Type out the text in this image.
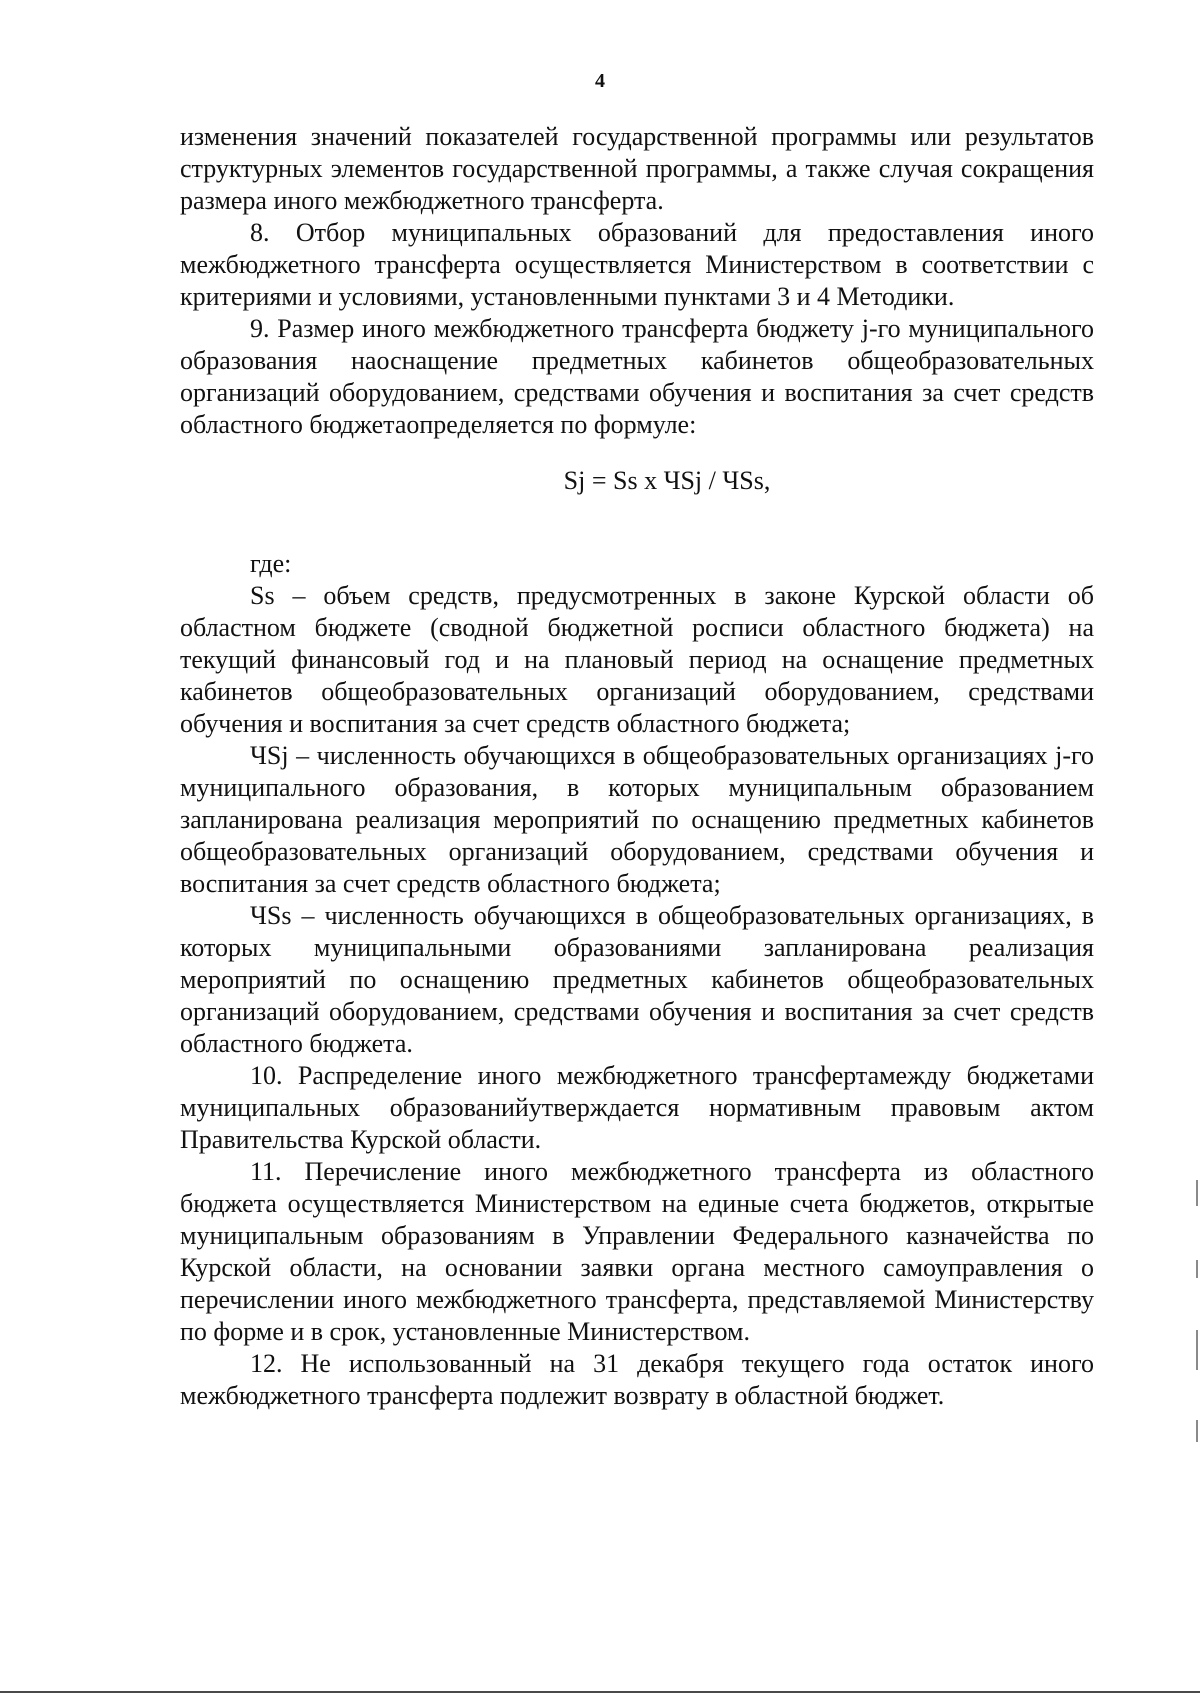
4

изменения значений показателей государственной программы или результатов структурных элементов государственной программы, а также случая сокращения размера иного межбюджетного трансферта.

8. Отбор муниципальных образований для предоставления иного межбюджетного трансферта осуществляется Министерством в соответствии с критериями и условиями, установленными пунктами 3 и 4 Методики.

9. Размер иного межбюджетного трансферта бюджету j-го муниципального образования наоснащение предметных кабинетов общеобразовательных организаций оборудованием, средствами обучения и воспитания за счет средств областного бюджетаопределяется по формуле:

Sj = Ss x ЧSj / ЧSs,

где:

Ss – объем средств, предусмотренных в законе Курской области об областном бюджете (сводной бюджетной росписи областного бюджета) на текущий финансовый год и на плановый период на оснащение предметных кабинетов общеобразовательных организаций оборудованием, средствами обучения и воспитания за счет средств областного бюджета;

ЧSj – численность обучающихся в общеобразовательных организациях j-го муниципального образования, в которых муниципальным образованием запланирована реализация мероприятий по оснащению предметных кабинетов общеобразовательных организаций оборудованием, средствами обучения и воспитания за счет средств областного бюджета;

ЧSs – численность обучающихся в общеобразовательных организациях, в которых муниципальными образованиями запланирована реализация мероприятий по оснащению предметных кабинетов общеобразовательных организаций оборудованием, средствами обучения и воспитания за счет средств областного бюджета.

10. Распределение иного межбюджетного трансфертамежду бюджетами муниципальных образованийутверждается нормативным правовым актом Правительства Курской области.

11. Перечисление иного межбюджетного трансферта из областного бюджета осуществляется Министерством на единые счета бюджетов, открытые муниципальным образованиям в Управлении Федерального казначейства по Курской области, на основании заявки органа местного самоуправления о перечислении иного межбюджетного трансферта, представляемой Министерству по форме и в срок, установленные Министерством.

12. Не использованный на 31 декабря текущего года остаток иного межбюджетного трансферта подлежит возврату в областной бюджет.
